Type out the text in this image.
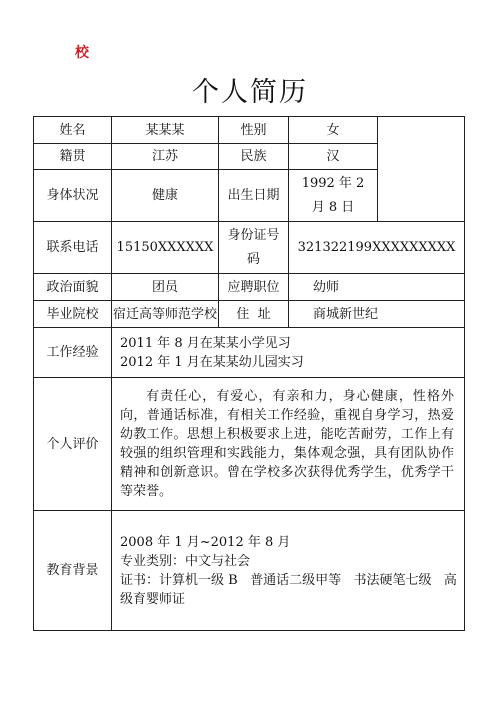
校
个人简历
姓名	某某某	性别	女	
籍贯	江苏	民族	汉	
身体状况	健康	出生日期	1992 年 2 月 8 日	
联系电话	15150XXXXXX	身份证号码	321322199XXXXXXXXX	
政治面貌	团员	应聘职位	幼师	
毕业院校	宿迁高等师范学校	住  址	商城新世纪	
工作经验	2011 年 8 月在某某小学见习
2012 年 1 月在某某幼儿园实习			

个人评价	有责任心，有爱心，有亲和力，身心健康，性格外向，普通话标准，有相关工作经验，重视自身学习，热爱幼教工作。思想上积极要求上进，能吃苦耐劳，工作上有较强的组织管理和实践能力，集体观念强，具有团队协作精神和创新意识。曾在学校多次获得优秀学生，优秀学干等荣誉。			

教育背景	2008 年 1 月~2012 年 8 月
专业类别：中文与社会
证书：计算机一级 B   普通话二级甲等   书法硬笔七级   高级育婴师证			
